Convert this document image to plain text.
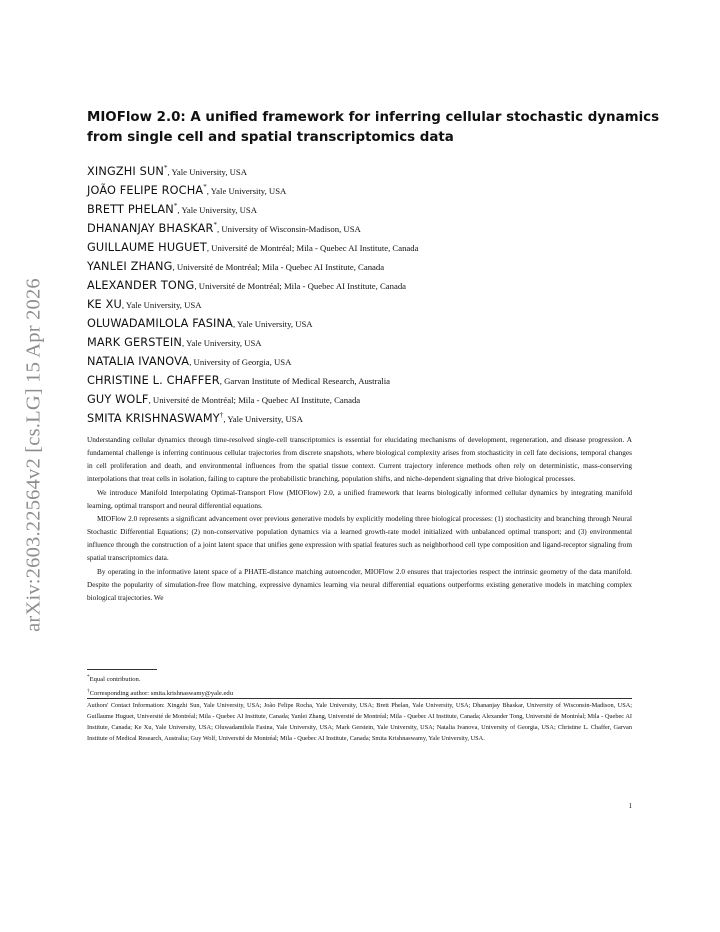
arXiv:2603.22564v2 [cs.LG] 15 Apr 2026
MIOFlow 2.0: A unified framework for inferring cellular stochastic dynamics
from single cell and spatial transcriptomics data
XINGZHI SUN*, Yale University, USA
JOÃO FELIPE ROCHA*, Yale University, USA
BRETT PHELAN*, Yale University, USA
DHANANJAY BHASKAR*, University of Wisconsin-Madison, USA
GUILLAUME HUGUET, Université de Montréal; Mila - Quebec AI Institute, Canada
YANLEI ZHANG, Université de Montréal; Mila - Quebec AI Institute, Canada
ALEXANDER TONG, Université de Montréal; Mila - Quebec AI Institute, Canada
KE XU, Yale University, USA
OLUWADAMILOLA FASINA, Yale University, USA
MARK GERSTEIN, Yale University, USA
NATALIA IVANOVA, University of Georgia, USA
CHRISTINE L. CHAFFER, Garvan Institute of Medical Research, Australia
GUY WOLF, Université de Montréal; Mila - Quebec AI Institute, Canada
SMITA KRISHNASWAMY†, Yale University, USA

Understanding cellular dynamics through time-resolved single-cell transcriptomics is essential for elucidating mechanisms of development, regeneration, and disease progression. A fundamental challenge is inferring continuous cellular trajectories from discrete snapshots, where biological complexity arises from stochasticity in cell fate decisions, temporal changes in cell proliferation and death, and environmental influences from the spatial tissue context. Current trajectory inference methods often rely on deterministic, mass-conserving interpolations that treat cells in isolation, failing to capture the probabilistic branching, population shifts, and niche-dependent signaling that drive biological processes.

We introduce Manifold Interpolating Optimal-Transport Flow (MIOFlow) 2.0, a unified framework that learns biologically informed cellular dynamics by integrating manifold learning, optimal transport and neural differential equations.

MIOFlow 2.0 represents a significant advancement over previous generative models by explicitly modeling three biological processes: (1) stochasticity and branching through Neural Stochastic Differential Equations; (2) non-conservative population dynamics via a learned growth-rate model initialized with unbalanced optimal transport; and (3) environmental influence through the construction of a joint latent space that unifies gene expression with spatial features such as neighborhood cell type composition and ligand-receptor signaling from spatial transcriptomics data.

By operating in the informative latent space of a PHATE-distance matching autoencoder, MIOFlow 2.0 ensures that trajectories respect the intrinsic geometry of the data manifold. Despite the popularity of simulation-free flow matching, expressive dynamics learning via neural differential equations outperforms existing generative models in matching complex biological trajectories. We

*Equal contribution.
†Corresponding author: smita.krishnaswamy@yale.edu

Authors' Contact Information: Xingzhi Sun, Yale University, USA; João Felipe Rocha, Yale University, USA; Brett Phelan, Yale University, USA; Dhananjay Bhaskar, University of Wisconsin-Madison, USA; Guillaume Huguet, Université de Montréal; Mila - Quebec AI Institute, Canada; Yanlei Zhang, Université de Montréal; Mila - Quebec AI Institute, Canada; Alexander Tong, Université de Montréal; Mila - Quebec AI Institute, Canada; Ke Xu, Yale University, USA; Oluwadamilola Fasina, Yale University, USA; Mark Gerstein, Yale University, USA; Natalia Ivanova, University of Georgia, USA; Christine L. Chaffer, Garvan Institute of Medical Research, Australia; Guy Wolf, Université de Montréal; Mila - Quebec AI Institute, Canada; Smita Krishnaswamy, Yale University, USA.

1
